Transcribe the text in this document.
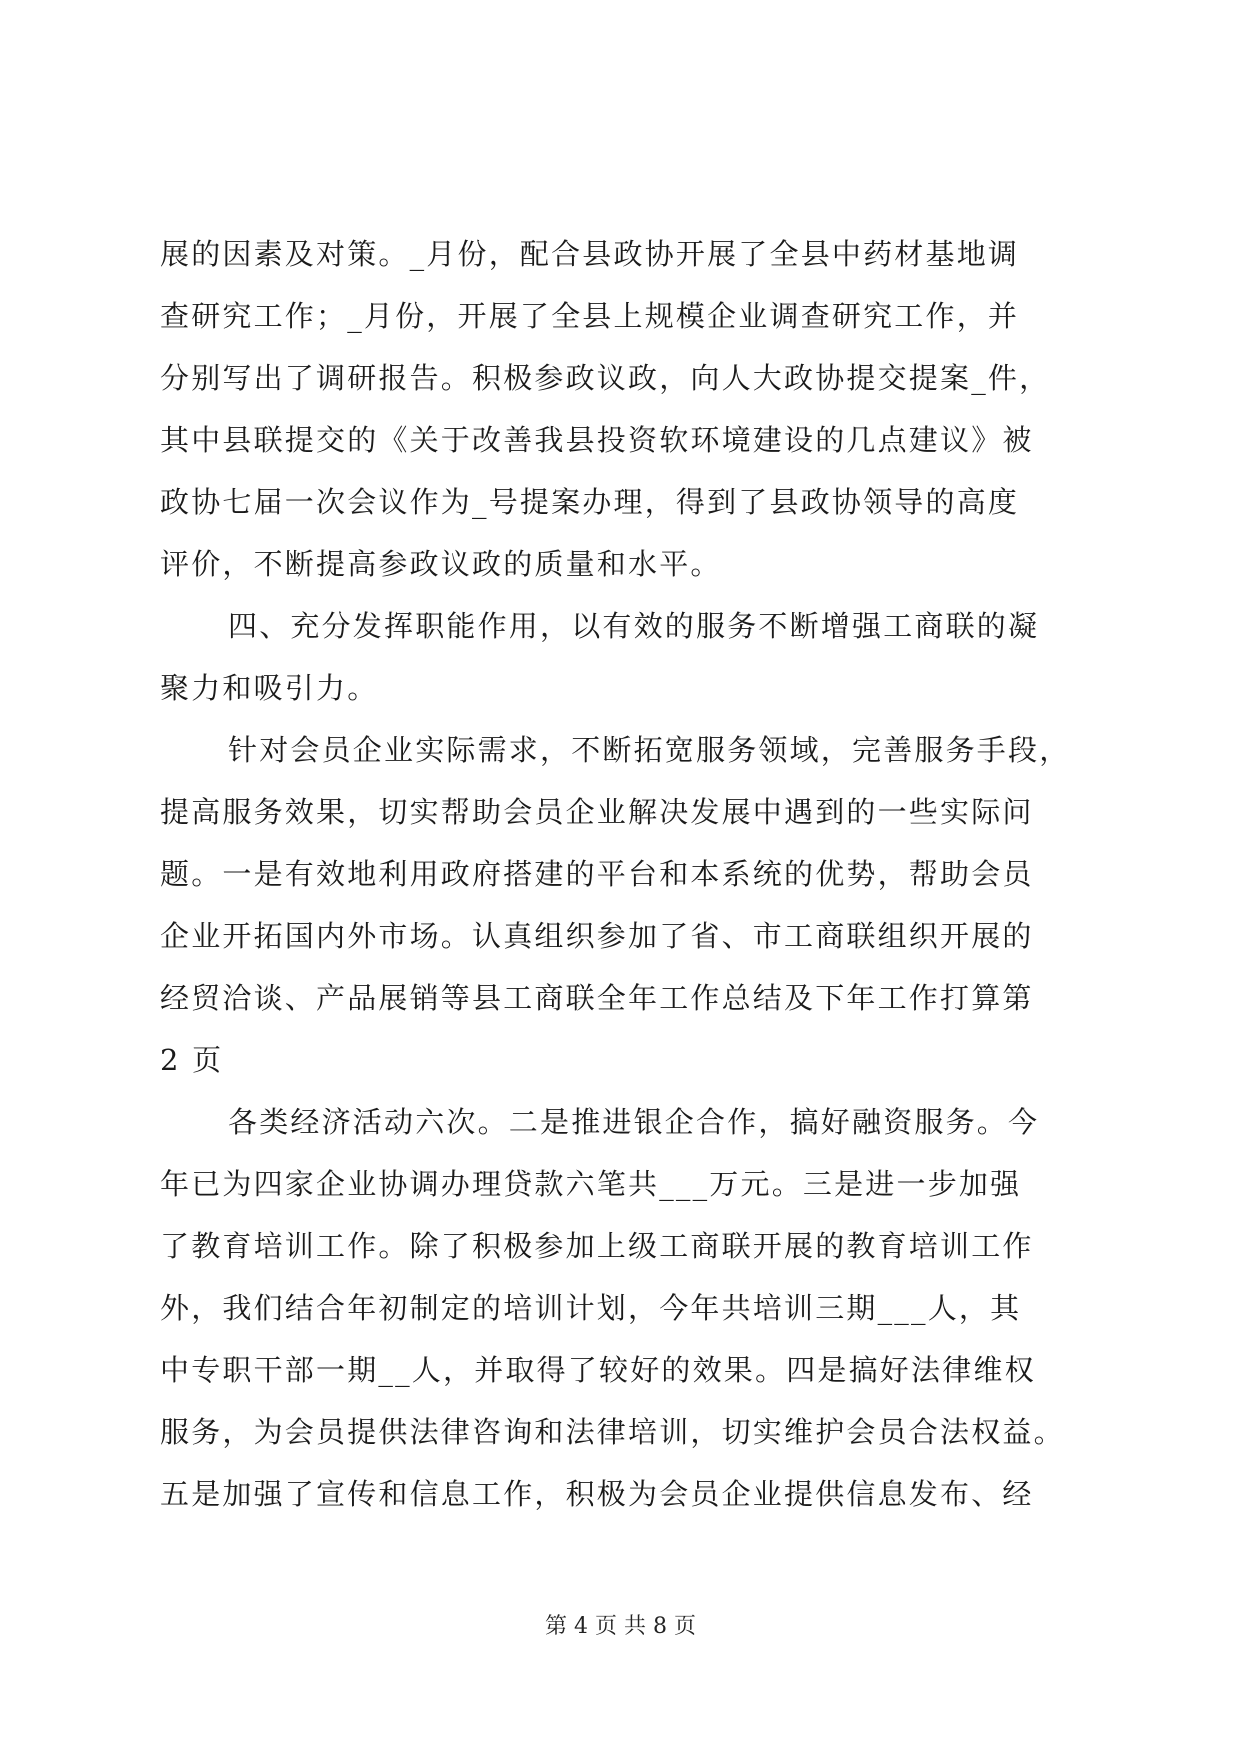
展的因素及对策。_月份，配合县政协开展了全县中药材基地调
查研究工作；_月份，开展了全县上规模企业调查研究工作，并
分别写出了调研报告。积极参政议政，向人大政协提交提案_件，
其中县联提交的《关于改善我县投资软环境建设的几点建议》被
政协七届一次会议作为_号提案办理，得到了县政协领导的高度
评价，不断提高参政议政的质量和水平。
四、充分发挥职能作用，以有效的服务不断增强工商联的凝
聚力和吸引力。
针对会员企业实际需求，不断拓宽服务领域，完善服务手段，
提高服务效果，切实帮助会员企业解决发展中遇到的一些实际问
题。一是有效地利用政府搭建的平台和本系统的优势，帮助会员
企业开拓国内外市场。认真组织参加了省、市工商联组织开展的
经贸洽谈、产品展销等县工商联全年工作总结及下年工作打算第
2 页
各类经济活动六次。二是推进银企合作，搞好融资服务。今
年已为四家企业协调办理贷款六笔共___万元。三是进一步加强
了教育培训工作。除了积极参加上级工商联开展的教育培训工作
外，我们结合年初制定的培训计划，今年共培训三期___人，其
中专职干部一期__人，并取得了较好的效果。四是搞好法律维权
服务，为会员提供法律咨询和法律培训，切实维护会员合法权益。
五是加强了宣传和信息工作，积极为会员企业提供信息发布、经
第 4 页 共 8 页
